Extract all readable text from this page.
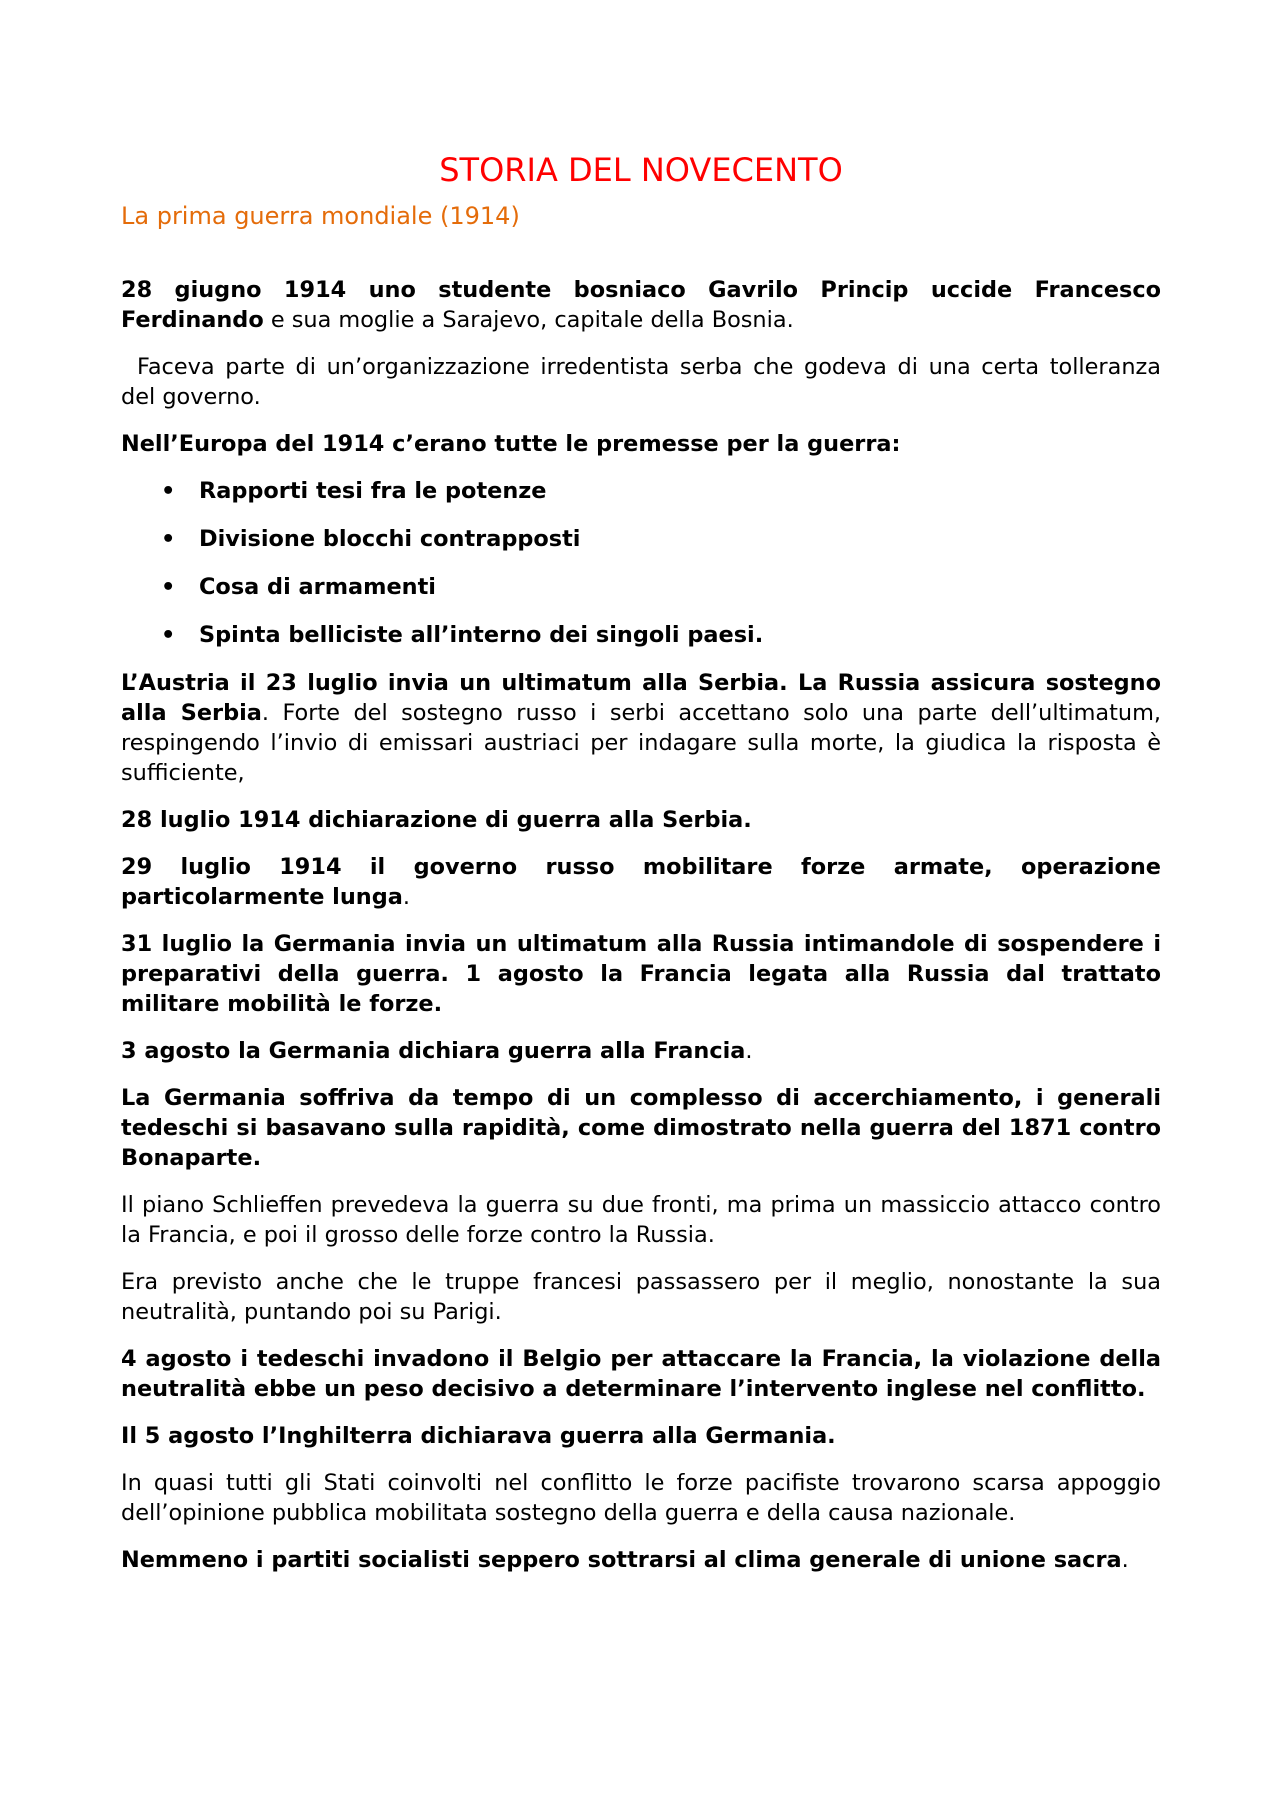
STORIA DEL NOVECENTO
La prima guerra mondiale (1914)

28 giugno 1914 uno studente bosniaco Gavrilo Princip uccide Francesco Ferdinando e sua moglie a Sarajevo, capitale della Bosnia.

Faceva parte di un’organizzazione irredentista serba che godeva di una certa tolleranza del governo.

Nell’Europa del 1914 c’erano tutte le premesse per la guerra:

• Rapporti tesi fra le potenze
• Divisione blocchi contrapposti
• Cosa di armamenti
• Spinta belliciste all’interno dei singoli paesi.

L’Austria il 23 luglio invia un ultimatum alla Serbia. La Russia assicura sostegno alla Serbia. Forte del sostegno russo i serbi accettano solo una parte dell’ultimatum, respingendo l’invio di emissari austriaci per indagare sulla morte, la giudica la risposta è sufficiente,

28 luglio 1914 dichiarazione di guerra alla Serbia.

29 luglio 1914 il governo russo mobilitare forze armate, operazione particolarmente lunga.

31 luglio la Germania invia un ultimatum alla Russia intimandole di sospendere i preparativi della guerra. 1 agosto la Francia legata alla Russia dal trattato militare mobilità le forze.

3 agosto la Germania dichiara guerra alla Francia.

La Germania soffriva da tempo di un complesso di accerchiamento, i generali tedeschi si basavano sulla rapidità, come dimostrato nella guerra del 1871 contro Bonaparte.

Il piano Schlieffen prevedeva la guerra su due fronti, ma prima un massiccio attacco contro la Francia, e poi il grosso delle forze contro la Russia.

Era previsto anche che le truppe francesi passassero per il meglio, nonostante la sua neutralità, puntando poi su Parigi.

4 agosto i tedeschi invadono il Belgio per attaccare la Francia, la violazione della neutralità ebbe un peso decisivo a determinare l’intervento inglese nel conflitto.

Il 5 agosto l’Inghilterra dichiarava guerra alla Germania.

In quasi tutti gli Stati coinvolti nel conflitto le forze pacifiste trovarono scarsa appoggio dell’opinione pubblica mobilitata sostegno della guerra e della causa nazionale.

Nemmeno i partiti socialisti seppero sottrarsi al clima generale di unione sacra.
